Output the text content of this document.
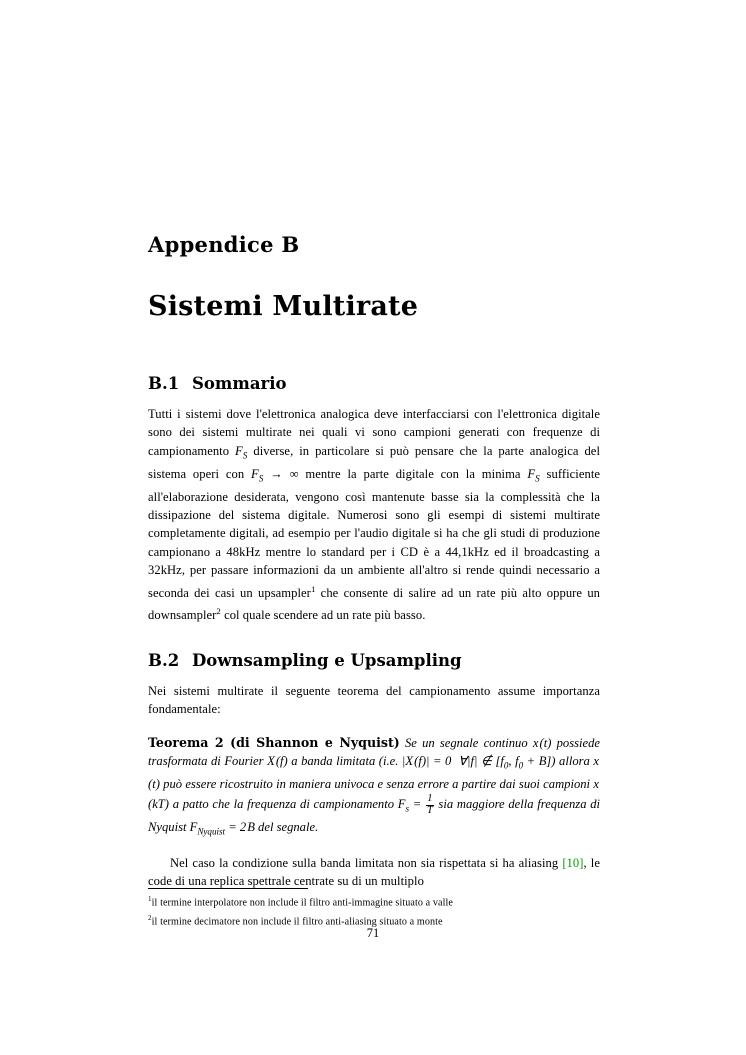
Appendice B
Sistemi Multirate
B.1 Sommario

Tutti i sistemi dove l'elettronica analogica deve interfacciarsi con l'elettronica digitale sono dei sistemi multirate nei quali vi sono campioni generati con frequenze di campionamento $F_S$ diverse, in particolare si può pensare che la parte analogica del sistema operi con $F_S$ → ∞ mentre la parte digitale con la minima $F_S$ sufficiente all'elaborazione desiderata, vengono così mantenute basse sia la complessità che la dissipazione del sistema digitale. Numerosi sono gli esempi di sistemi multirate completamente digitali, ad esempio per l'audio digitale si ha che gli studi di produzione campionano a 48kHz mentre lo standard per i CD è a 44,1kHz ed il broadcasting a 32kHz, per passare informazioni da un ambiente all'altro si rende quindi necessario a seconda dei casi un upsampler$^1$ che consente di salire ad un rate più alto oppure un downsampler$^2$ col quale scendere ad un rate più basso.

B.2 Downsampling e Upsampling

Nei sistemi multirate il seguente teorema del campionamento assume importanza fondamentale:

Teorema 2 (di Shannon e Nyquist) Se un segnale continuo x (t) possiede trasformata di Fourier X (f) a banda limitata (i.e. |X (f)| = 0  ∀|f| ∉ [$f_0$, $f_0 + B$]) allora x (t) può essere ricostruito in maniera univoca e senza errore a partire dai suoi campioni x (kT) a patto che la frequenza di campionamento $F_s = \frac{1}{T}$ sia maggiore della frequenza di Nyquist $F_{Nyquist} = 2$ B del segnale.

Nel caso la condizione sulla banda limitata non sia rispettata si ha aliasing [10], le code di una replica spettrale centrate su di un multiplo

$^1$il termine interpolatore non include il filtro anti-immagine situato a valle
$^2$il termine decimatore non include il filtro anti-aliasing situato a monte
71
